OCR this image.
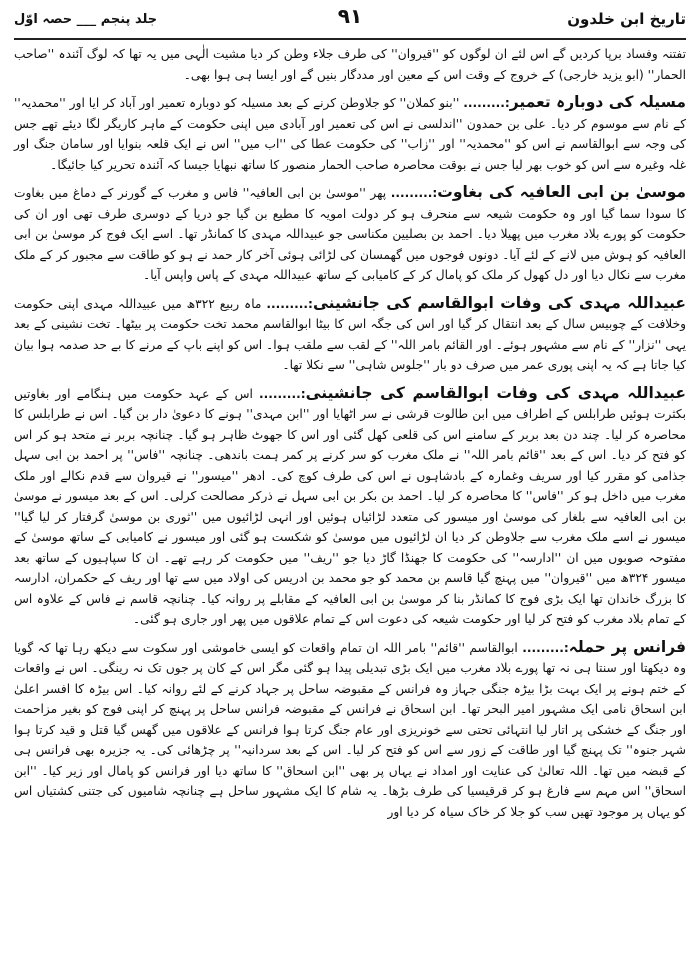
تاریخ ابن خلدون
۹۱
جلد پنجم ___ حصہ اوّل

تفتنہ وفساد برپا کردیں گے اس لئے ان لوگوں کو ''قیروان'' کی طرف جلاء وطن کر دیا مشیت الٰہی میں یہ تھا کہ لوگ آئندہ ''صاحب الحمار'' (ابو یزید خارجی) کے خروج کے وقت اس کے معین اور مددگار بنیں گے اور ایسا ہی ہوا بھی۔

مسیلہ کی دوبارہ تعمیر:......... ''بنو کملان'' کو جلاوطن کرنے کے بعد مسیلہ کو دوبارہ تعمیر اور آباد کر ایا اور ''محمدیہ'' کے نام سے موسوم کر دیا۔ علی بن حمدون ''اندلسی نے اس کی تعمیر اور آبادی میں اپنی حکومت کے ماہر کاریگر لگا دیئے تھے جس کی وجہ سے ابوالقاسم نے اس کو ''محمدیہ'' اور ''زاب'' کی حکومت عطا کی ''اب میں'' اس نے ایک قلعہ بنوایا اور سامان جنگ اور غلہ وغیرہ سے اس کو خوب بھر لیا جس نے بوقت محاصرہ صاحب الحمار منصور کا ساتھ نبھایا جیسا کہ آئندہ تحریر کیا جائیگا۔

موسیٰ بن ابی العافیہ کی بغاوت:......... پھر ''موسیٰ بن ابی العافیہ'' فاس و مغرب کے گورنر کے دماغ میں بغاوت کا سودا سما گیا اور وہ حکومت شیعہ سے منحرف ہو کر دولت امویہ کا مطیع بن گیا جو دریا کے دوسری طرف تھی اور ان کی حکومت کو پورے بلاد مغرب میں پھیلا دیا۔ احمد بن بصلیین مکناسی جو عبیداللہ مہدی کا کمانڈر تھا۔ اسے ایک فوج کر موسیٰ بن ابی العافیہ کو ہوش میں لانے کے لئے آیا۔ دونوں فوجوں میں گھمسان کی لڑائی ہوئی آخر کار حمد نے ہو کو طاقت سے مجبور کر کے ملک مغرب سے نکال دیا اور دل کھول کر ملک کو پامال کر کے کامیابی کے ساتھ عبیداللہ مہدی کے پاس واپس آیا۔

عبیداللہ مہدی کی وفات ابوالقاسم کی جانشینی:......... ماہ ربیع ۳۲۲ھ میں عبیداللہ مہدی اپنی حکومت وخلافت کے چوبیس سال کے بعد انتقال کر گیا اور اس کی جگہ اس کا بیٹا ابوالقاسم محمد تخت حکومت پر بیٹھا۔ تخت نشینی کے بعد یہی ''نزار'' کے نام سے مشہور ہوئے۔ اور القائم بامر اللہ'' کے لقب سے ملقب ہوا۔ اس کو اپنے باپ کے مرنے کا بے حد صدمہ ہوا بیان کیا جاتا ہے کہ یہ اپنی پوری عمر میں صرف دو بار ''جلوس شاہی'' سے نکلا تھا۔

عبیداللہ مہدی کی وفات ابوالقاسم کی جانشینی:......... اس کے عہد حکومت میں ہنگامے اور بغاوتیں بکثرت ہوئیں طرابلس کے اطراف میں ابن طالوت قرشی نے سر اٹھایا اور ''ابن مہدی'' ہونے کا دعویٰ دار بن گیا۔ اس نے طرابلس کا محاصرہ کر لیا۔ چند دن بعد بربر کے سامنے اس کی قلعی کھل گئی اور اس کا جھوٹ ظاہر ہو گیا۔ چنانچہ بربر نے متحد ہو کر اس کو فتح کر دیا۔ اس کے بعد ''قائم بامر اللہ'' نے ملک مغرب کو سر کرنے پر کمر ہمت باندھی۔ چنانچہ ''فاس'' پر احمد بن ابی سہل جذامی کو مقرر کیا اور سریف وغمارہ کے بادشاہوں نے اس کی طرف کوچ کی۔ ادھر ''میسور'' نے قیروان سے قدم نکالے اور ملک مغرب میں داخل ہو کر ''فاس'' کا محاصرہ کر لیا۔ احمد بن بکر بن ابی سہل نے ذرکر مصالحت کرلی۔ اس کے بعد میسور نے موسیٰ بن ابی العافیہ سے بلغار کی موسیٰ اور میسور کی متعدد لڑائیاں ہوئیں اور انہی لڑائیوں میں ''ثوری بن موسیٰ گرفتار کر لیا گیا'' میسور نے اسے ملک مغرب سے جلاوطن کر دیا ان لڑائیوں میں موسیٰ کو شکست ہو گئی اور میسور نے کامیابی کے ساتھ موسیٰ کے مفتوحہ صوبوں میں ان ''ادارسہ'' کی حکومت کا جھنڈا گاڑ دیا جو ''ریف'' میں حکومت کر رہے تھے۔ ان کا سپاہیوں کے ساتھ بعد میسور ۳۲۴ھ میں ''قیروان'' میں پہنچ گیا قاسم بن محمد کو جو محمد بن ادریس کی اولاد میں سے تھا اور ریف کے حکمران، ادارسہ کا بزرگ خاندان تھا ایک بڑی فوج کا کمانڈر بنا کر موسیٰ بن ابی العافیہ کے مقابلے پر روانہ کیا۔ چنانچہ قاسم نے فاس کے علاوہ اس کے تمام بلاد مغرب کو فتح کر لیا اور حکومت شیعہ کی دعوت اس کے تمام علاقوں میں پھر اور جاری ہو گئی۔

فرانس پر حملہ:......... ابوالقاسم ''قائم'' بامر اللہ ان تمام واقعات کو ایسی خاموشی اور سکوت سے دیکھ رہا تھا کہ گویا وہ دیکھتا اور سنتا ہی نہ تھا پورے بلاد مغرب میں ایک بڑی تبدیلی پیدا ہو گئی مگر اس کے کان پر جوں تک نہ رینگی۔ اس نے واقعات کے ختم ہونے پر ایک بہت بڑا بیڑہ جنگی جہاز وہ فرانس کے مقبوضہ ساحل پر جہاد کرنے کے لئے روانہ کیا۔ اس بیڑہ کا افسر اعلیٰ ابن اسحاق نامی ایک مشہور امیر البحر تھا۔ ابن اسحاق نے فرانس کے مقبوضہ فرانس ساحل پر پہنچ کر اپنی فوج کو بغیر مزاحمت اور جنگ کے خشکی پر اتار لیا انتہائی تحتی سے خونریزی اور عام جنگ کرتا ہوا فرانس کے علاقوں میں گھس گیا قتل و قید کرتا ہوا شہر جنوہ'' تک پہنچ گیا اور طاقت کے زور سے اس کو فتح کر لیا۔ اس کے بعد سردانیہ'' پر چڑھائی کی۔ یہ جزیرہ بھی فرانس ہی کے قبضہ میں تھا۔ اللہ تعالیٰ کی عنایت اور امداد نے یہاں پر بھی ''ابن اسحاق'' کا ساتھ دیا اور فرانس کو پامال اور زیر کیا۔ ''ابن اسحاق'' اس مہم سے فارغ ہو کر قرقیسیا کی طرف بڑھا۔ یہ شام کا ایک مشہور ساحل ہے چنانچہ شامیوں کی جتنی کشتیاں اس کو یہاں پر موجود تھیں سب کو جلا کر خاک سیاہ کر دیا اور
